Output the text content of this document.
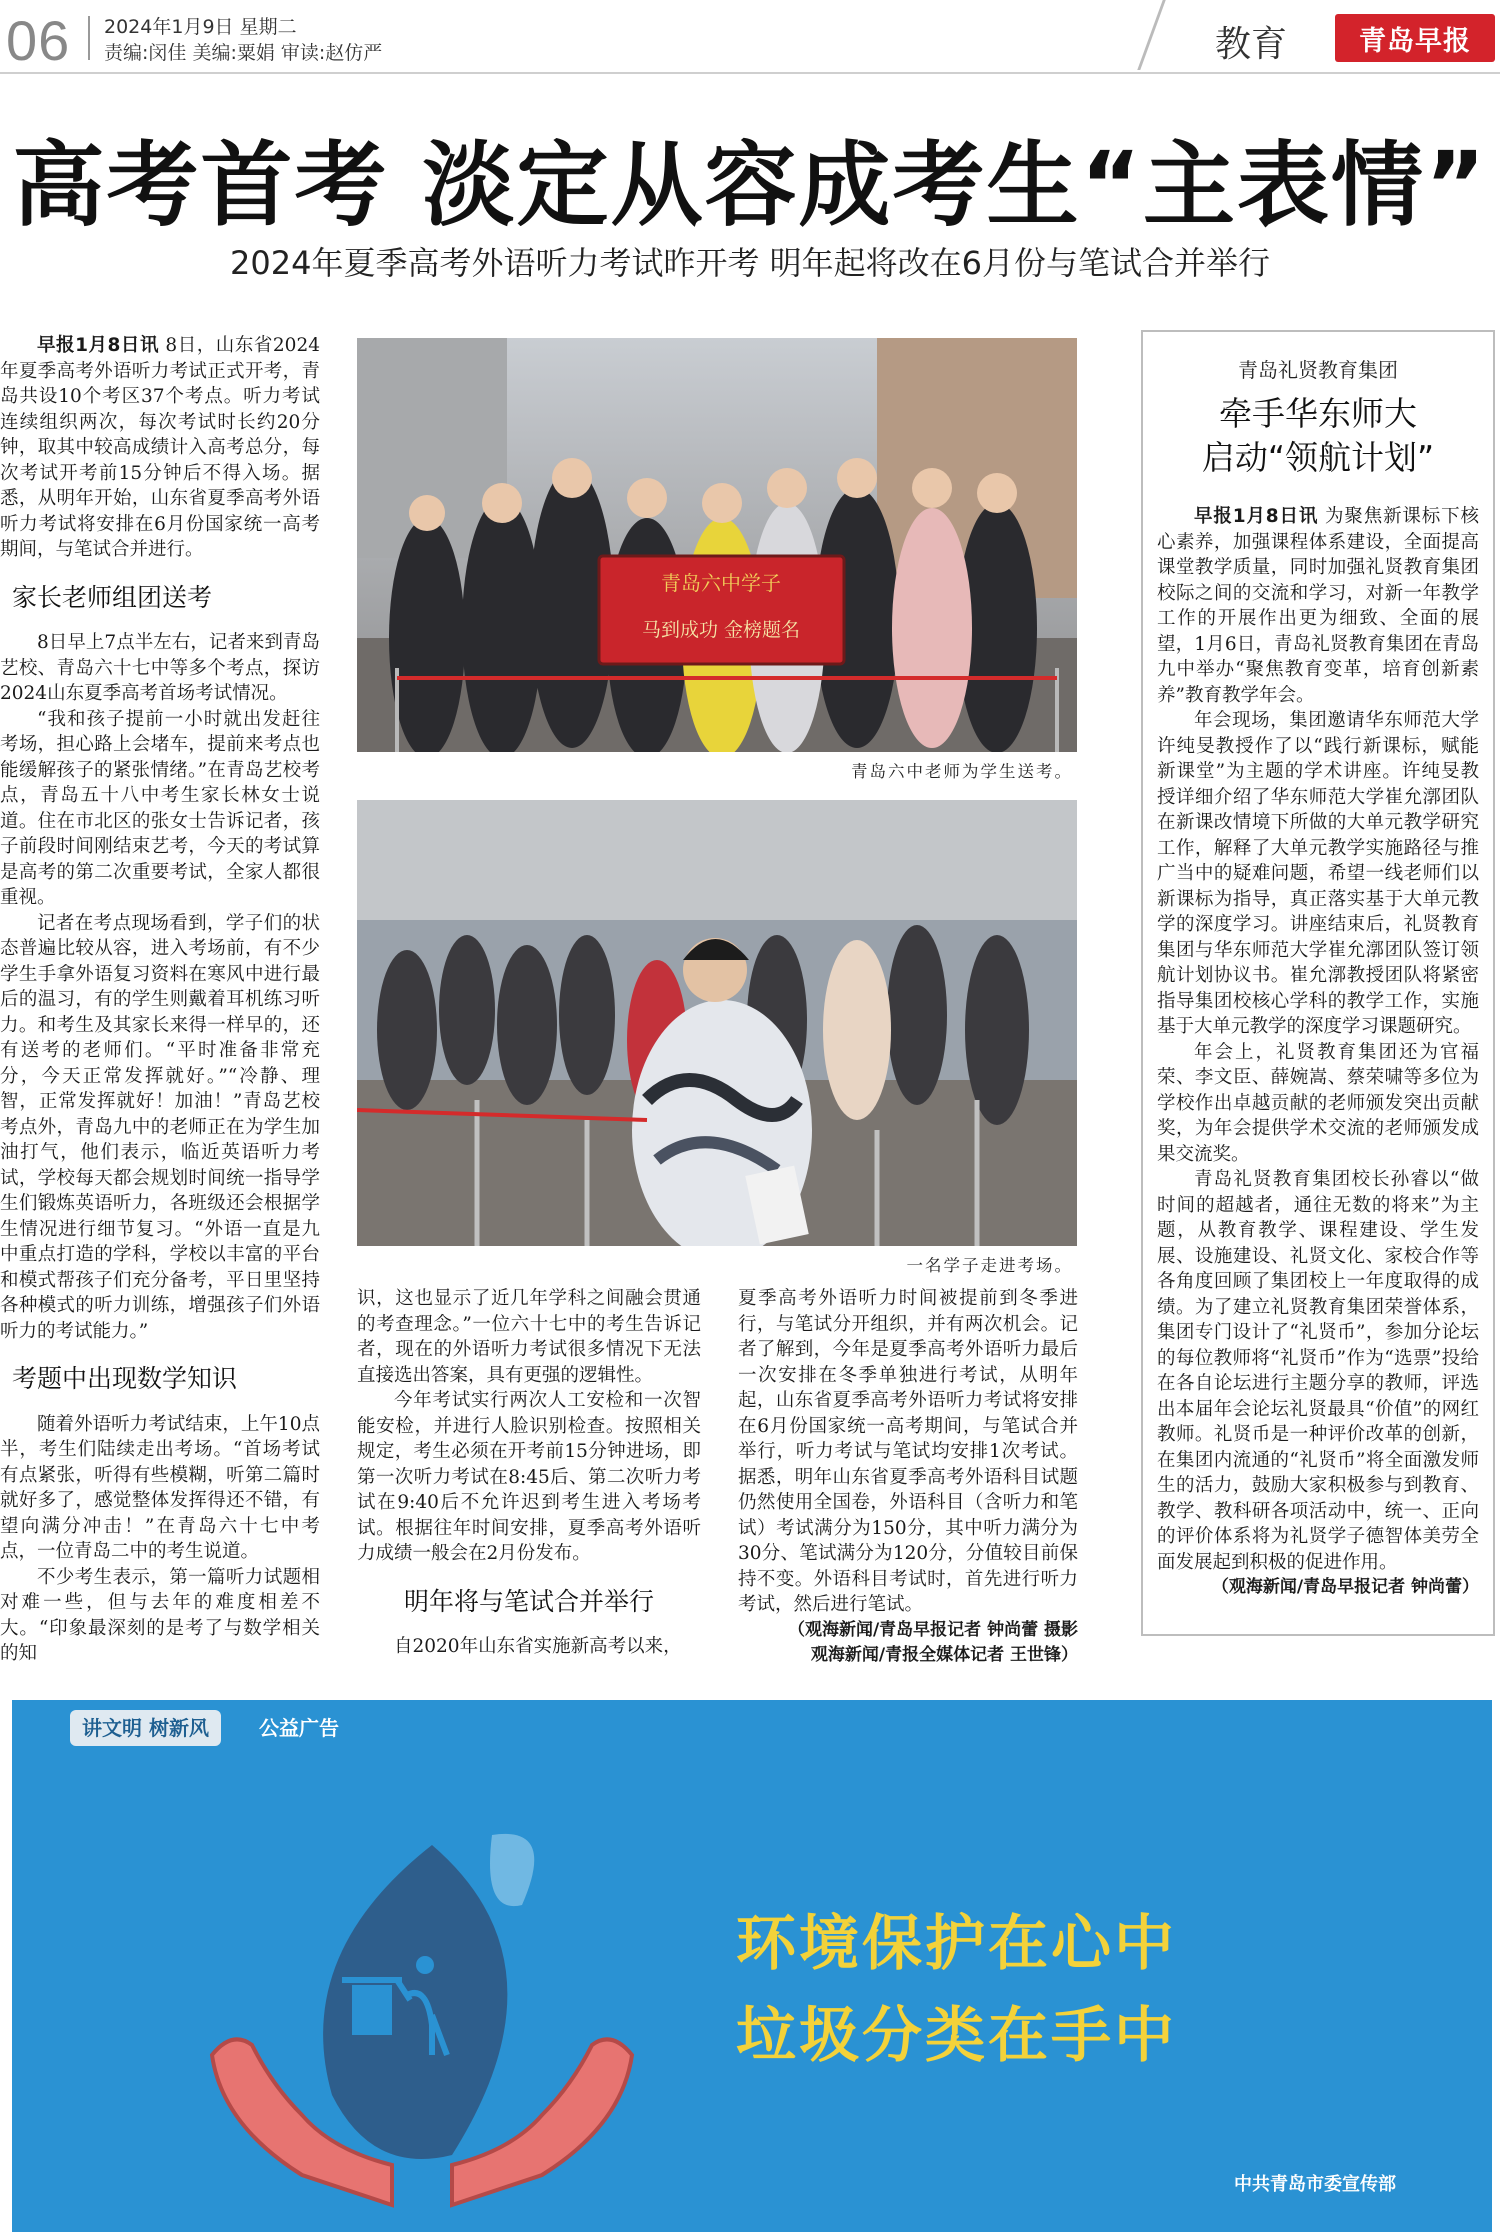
06 2024年1月9日 星期二
责编:闵佳 美编:粟娟 审读:赵仿严	教育	青岛早报
高考首考 淡定从容成考生“主表情”
2024年夏季高考外语听力考试昨开考 明年起将改在6月份与笔试合并举行

早报1月8日讯 8日，山东省2024年夏季高考外语听力考试正式开考，青岛共设10个考区37个考点。听力考试连续组织两次，每次考试时长约20分钟，取其中较高成绩计入高考总分，每次考试开考前15分钟后不得入场。据悉，从明年开始，山东省夏季高考外语听力考试将安排在6月份国家统一高考期间，与笔试合并进行。

家长老师组团送考

8日早上7点半左右，记者来到青岛艺校、青岛六十七中等多个考点，探访2024山东夏季高考首场考试情况。

“我和孩子提前一小时就出发赶往考场，担心路上会堵车，提前来考点也能缓解孩子的紧张情绪。”在青岛艺校考点，青岛五十八中考生家长林女士说道。住在市北区的张女士告诉记者，孩子前段时间刚结束艺考，今天的考试算是高考的第二次重要考试，全家人都很重视。

记者在考点现场看到，学子们的状态普遍比较从容，进入考场前，有不少学生手拿外语复习资料在寒风中进行最后的温习，有的学生则戴着耳机练习听力。和考生及其家长来得一样早的，还有送考的老师们。“平时准备非常充分，今天正常发挥就好。”“冷静、理智，正常发挥就好！加油！”青岛艺校考点外，青岛九中的老师正在为学生加油打气，他们表示，临近英语听力考试，学校每天都会规划时间统一指导学生们锻炼英语听力，各班级还会根据学生情况进行细节复习。“外语一直是九中重点打造的学科，学校以丰富的平台和模式帮孩子们充分备考，平日里坚持各种模式的听力训练，增强孩子们外语听力的考试能力。”

考题中出现数学知识

随着外语听力考试结束，上午10点半，考生们陆续走出考场。“首场考试有点紧张，听得有些模糊，听第二篇时就好多了，感觉整体发挥得还不错，有望向满分冲击！”在青岛六十七中考点，一位青岛二中的考生说道。

不少考生表示，第一篇听力试题相对难一些，但与去年的难度相差不大。“印象最深刻的是考了与数学相关的知

青岛六中学子
马到成功 金榜题名
青岛六中老师为学生送考。
一名学子走进考场。

识，这也显示了近几年学科之间融会贯通的考查理念。”一位六十七中的考生告诉记者，现在的外语听力考试很多情况下无法直接选出答案，具有更强的逻辑性。

今年考试实行两次人工安检和一次智能安检，并进行人脸识别检查。按照相关规定，考生必须在开考前15分钟进场，即第一次听力考试在8:45后、第二次听力考试在9:40后不允许迟到考生进入考场考试。根据往年时间安排，夏季高考外语听力成绩一般会在2月份发布。

明年将与笔试合并举行

自2020年山东省实施新高考以来，

夏季高考外语听力时间被提前到冬季进行，与笔试分开组织，并有两次机会。记者了解到，今年是夏季高考外语听力最后一次安排在冬季单独进行考试，从明年起，山东省夏季高考外语听力考试将安排在6月份国家统一高考期间，与笔试合并举行，听力考试与笔试均安排1次考试。据悉，明年山东省夏季高考外语科目试题仍然使用全国卷，外语科目（含听力和笔试）考试满分为150分，其中听力满分为30分、笔试满分为120分，分值较目前保持不变。外语科目考试时，首先进行听力考试，然后进行笔试。

（观海新闻/青岛早报记者 钟尚蕾 摄影 观海新闻/青报全媒体记者 王世锋）

青岛礼贤教育集团
牵手华东师大
启动“领航计划”

早报1月8日讯 为聚焦新课标下核心素养，加强课程体系建设，全面提高课堂教学质量，同时加强礼贤教育集团校际之间的交流和学习，对新一年教学工作的开展作出更为细致、全面的展望，1月6日，青岛礼贤教育集团在青岛九中举办“聚焦教育变革，培育创新素养”教育教学年会。

年会现场，集团邀请华东师范大学许纯旻教授作了以“践行新课标，赋能新课堂”为主题的学术讲座。许纯旻教授详细介绍了华东师范大学崔允漷团队在新课改情境下所做的大单元教学研究工作，解释了大单元教学实施路径与推广当中的疑难问题，希望一线老师们以新课标为指导，真正落实基于大单元教学的深度学习。讲座结束后，礼贤教育集团与华东师范大学崔允漷团队签订领航计划协议书。崔允漷教授团队将紧密指导集团校核心学科的教学工作，实施基于大单元教学的深度学习课题研究。

年会上，礼贤教育集团还为官福荣、李文臣、薛婉嵩、蔡荣啸等多位为学校作出卓越贡献的老师颁发突出贡献奖，为年会提供学术交流的老师颁发成果交流奖。

青岛礼贤教育集团校长孙睿以“做时间的超越者，通往无数的将来”为主题，从教育教学、课程建设、学生发展、设施建设、礼贤文化、家校合作等各角度回顾了集团校上一年度取得的成绩。为了建立礼贤教育集团荣誉体系，集团专门设计了“礼贤币”，参加分论坛的每位教师将“礼贤币”作为“选票”投给在各自论坛进行主题分享的教师，评选出本届年会论坛礼贤最具“价值”的网红教师。礼贤币是一种评价改革的创新，在集团内流通的“礼贤币”将全面激发师生的活力，鼓励大家积极参与到教育、教学、教科研各项活动中，统一、正向的评价体系将为礼贤学子德智体美劳全面发展起到积极的促进作用。

（观海新闻/青岛早报记者 钟尚蕾）

讲文明 树新风	公益广告
环境保护在心中
垃圾分类在手中
中共青岛市委宣传部
